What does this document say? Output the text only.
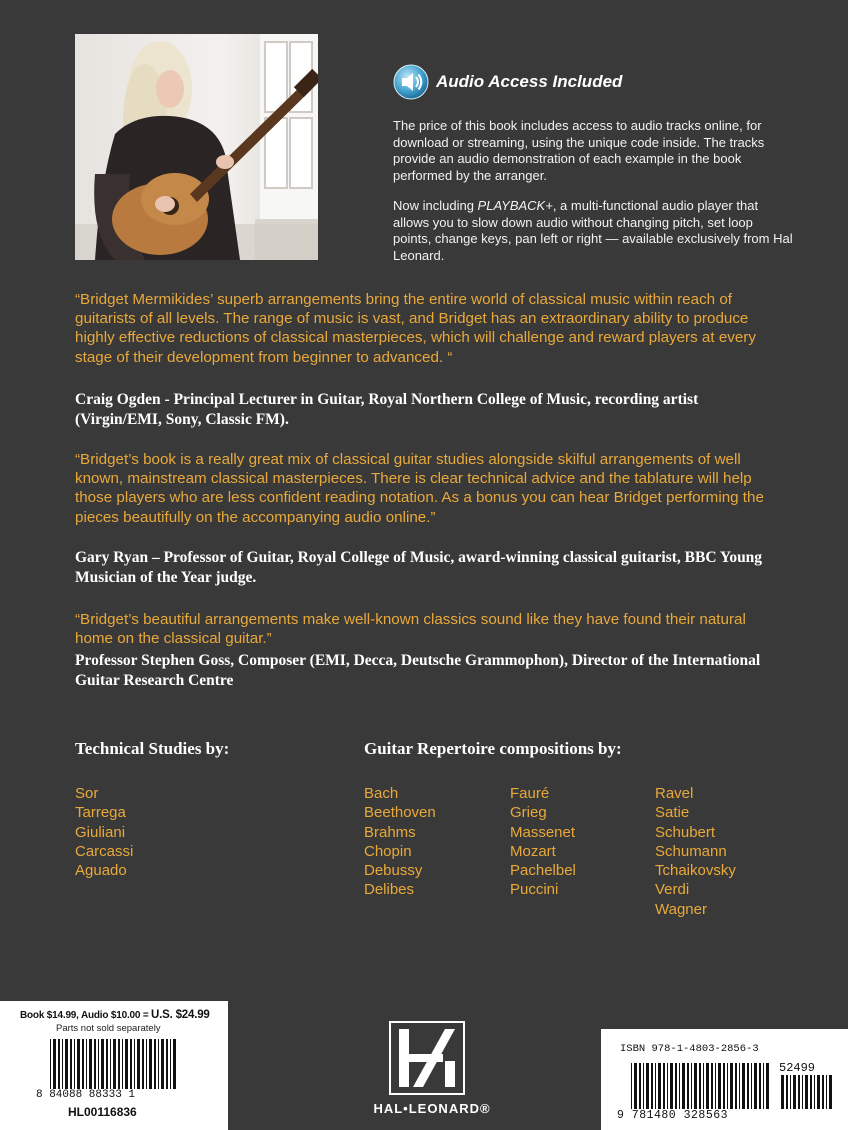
Audio Access Included

The price of this book includes access to audio tracks online, for download or streaming, using the unique code inside. The tracks provide an audio demonstration of each example in the book performed by the arranger.

Now including PLAYBACK+, a multi-functional audio player that allows you to slow down audio without changing pitch, set loop points, change keys, pan left or right — available exclusively from Hal Leonard.

“Bridget Mermikides’ superb arrangements bring the entire world of classical music within reach of guitarists of all levels. The range of music is vast, and Bridget has an extraordinary ability to produce highly effective reductions of classical masterpieces, which will challenge and reward players at every stage of their development from beginner to advanced. “

Craig Ogden - Principal Lecturer in Guitar, Royal Northern College of Music, recording artist (Virgin/EMI, Sony, Classic FM).

“Bridget’s book is a really great mix of classical guitar studies alongside skilful arrangements of well known, mainstream classical masterpieces. There is clear technical advice and the tablature will help those players who are less confident reading notation. As a bonus you can hear Bridget performing the pieces beautifully on the accompanying audio online.”

Gary Ryan – Professor of Guitar, Royal College of Music, award-winning classical guitarist, BBC Young Musician of the Year judge.

“Bridget’s beautiful arrangements make well-known classics sound like they have found their natural home on the classical guitar.”

Professor Stephen Goss, Composer (EMI, Decca, Deutsche Grammophon), Director of the International Guitar Research Centre

Technical Studies by:	Guitar Repertoire compositions by:
Sor
Tarrega
Giuliani
Carcassi
Aguado
Bach
Beethoven
Brahms
Chopin
Debussy
Delibes
Fauré
Grieg
Massenet
Mozart
Pachelbel
Puccini
Ravel
Satie
Schubert
Schumann
Tchaikovsky
Verdi
Wagner
Book $14.99, Audio $10.00 = U.S. $24.99
Parts not sold separately
8 84088 88333 1
HL00116836	HAL•LEONARD®
ISBN 978-1-4803-2856-3
52499
9 781480 328563
